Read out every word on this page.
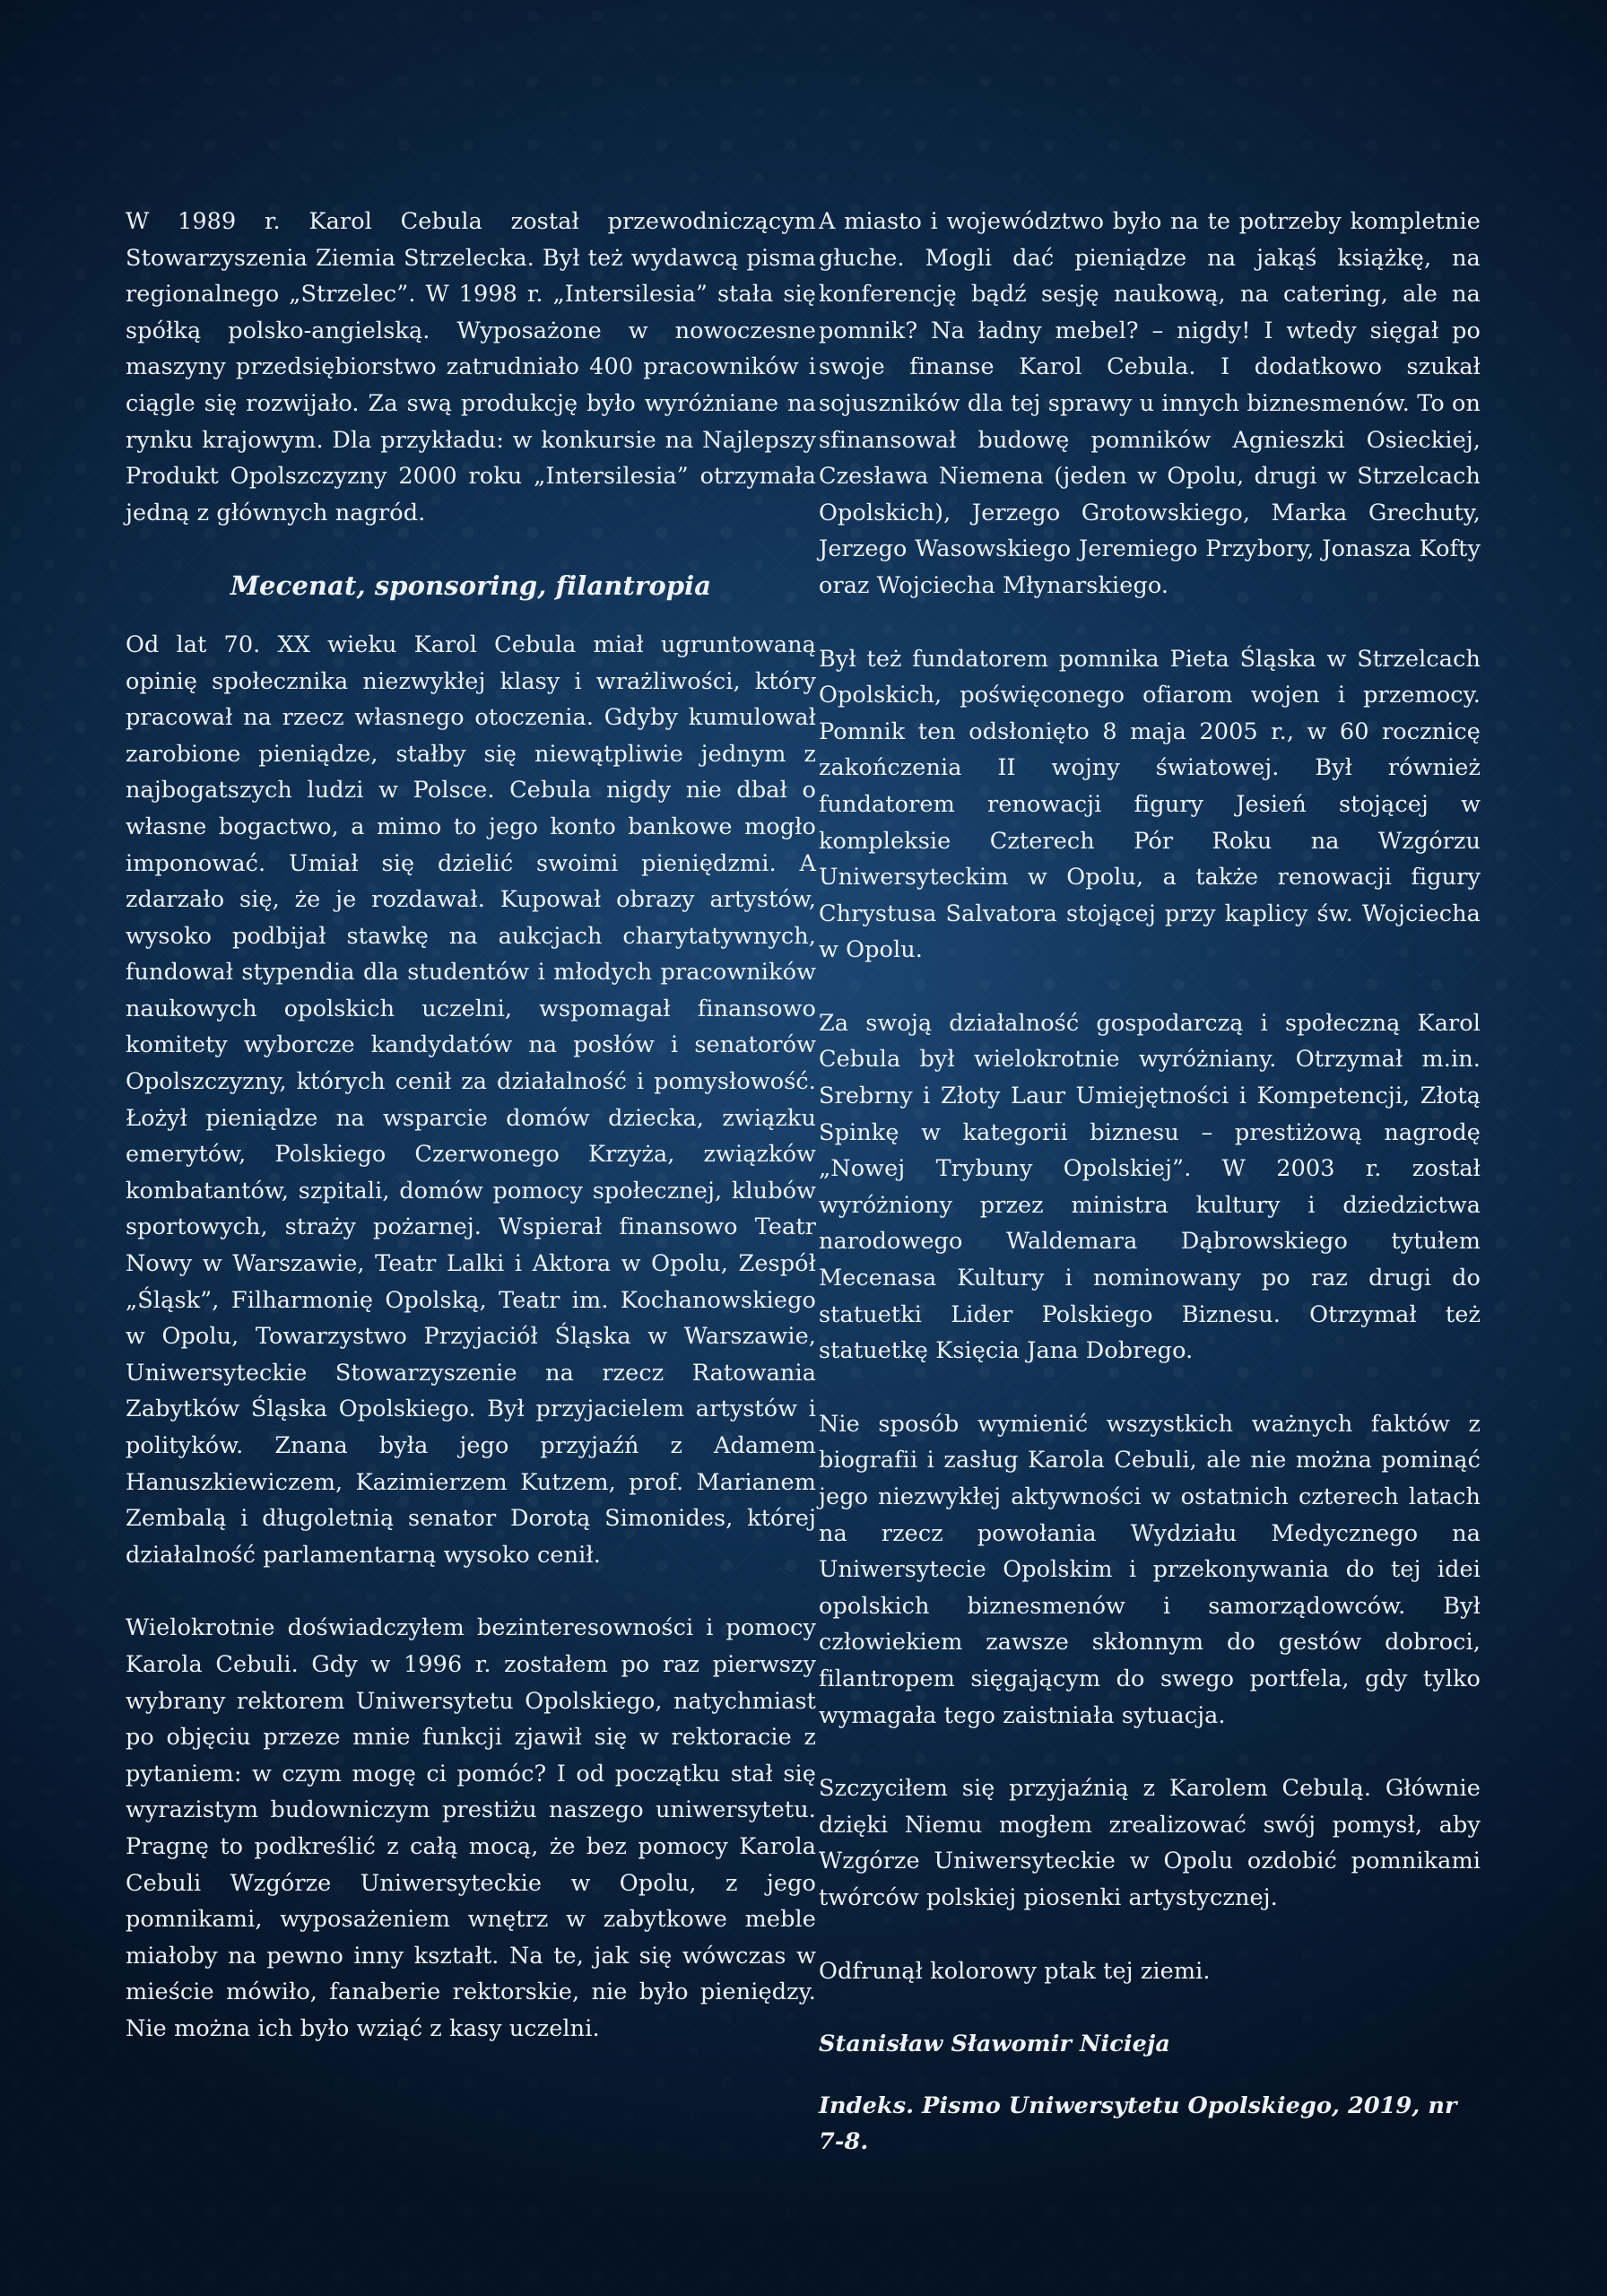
W 1989 r. Karol Cebula został przewodniczącym Stowarzyszenia Ziemia Strzelecka. Był też wydawcą pisma regionalnego „Strzelec”. W 1998 r. „Intersilesia” stała się spółką polsko-angielską. Wyposażone w nowoczesne maszyny przedsiębiorstwo zatrudniało 400 pracowników i ciągle się rozwijało. Za swą produkcję było wyróżniane na rynku krajowym. Dla przykładu: w konkursie na Najlepszy Produkt Opolszczyzny 2000 roku „Intersilesia” otrzymała jedną z głównych nagród.

Mecenat, sponsoring, filantropia

Od lat 70. XX wieku Karol Cebula miał ugruntowaną opinię społecznika niezwykłej klasy i wrażliwości, który pracował na rzecz własnego otoczenia. Gdyby kumulował zarobione pieniądze, stałby się niewątpliwie jednym z najbogatszych ludzi w Polsce. Cebula nigdy nie dbał o własne bogactwo, a mimo to jego konto bankowe mogło imponować. Umiał się dzielić swoimi pieniędzmi. A zdarzało się, że je rozdawał. Kupował obrazy artystów, wysoko podbijał stawkę na aukcjach charytatywnych, fundował stypendia dla studentów i młodych pracowników naukowych opolskich uczelni, wspomagał finansowo komitety wyborcze kandydatów na posłów i senatorów Opolszczyzny, których cenił za działalność i pomysłowość. Łożył pieniądze na wsparcie domów dziecka, związku emerytów, Polskiego Czerwonego Krzyża, związków kombatantów, szpitali, domów pomocy społecznej, klubów sportowych, straży pożarnej. Wspierał finansowo Teatr Nowy w Warszawie, Teatr Lalki i Aktora w Opolu, Zespół „Śląsk”, Filharmonię Opolską, Teatr im. Kochanowskiego w Opolu, Towarzystwo Przyjaciół Śląska w Warszawie, Uniwersyteckie Stowarzyszenie na rzecz Ratowania Zabytków Śląska Opolskiego. Był przyjacielem artystów i polityków. Znana była jego przyjaźń z Adamem Hanuszkiewiczem, Kazimierzem Kutzem, prof. Marianem Zembalą i długoletnią senator Dorotą Simonides, której działalność parlamentarną wysoko cenił.

Wielokrotnie doświadczyłem bezinteresowności i pomocy Karola Cebuli. Gdy w 1996 r. zostałem po raz pierwszy wybrany rektorem Uniwersytetu Opolskiego, natychmiast po objęciu przeze mnie funkcji zjawił się w rektoracie z pytaniem: w czym mogę ci pomóc? I od początku stał się wyrazistym budowniczym prestiżu naszego uniwersytetu. Pragnę to podkreślić z całą mocą, że bez pomocy Karola Cebuli Wzgórze Uniwersyteckie w Opolu, z jego pomnikami, wyposażeniem wnętrz w zabytkowe meble miałoby na pewno inny kształt. Na te, jak się wówczas w mieście mówiło, fanaberie rektorskie, nie było pieniędzy. Nie można ich było wziąć z kasy uczelni.

A miasto i województwo było na te potrzeby kompletnie głuche. Mogli dać pieniądze na jakąś książkę, na konferencję bądź sesję naukową, na catering, ale na pomnik? Na ładny mebel? – nigdy! I wtedy sięgał po swoje finanse Karol Cebula. I dodatkowo szukał sojuszników dla tej sprawy u innych biznesmenów. To on sfinansował budowę pomników Agnieszki Osieckiej, Czesława Niemena (jeden w Opolu, drugi w Strzelcach Opolskich), Jerzego Grotowskiego, Marka Grechuty, Jerzego Wasowskiego Jeremiego Przybory, Jonasza Kofty oraz Wojciecha Młynarskiego.

Był też fundatorem pomnika Pieta Śląska w Strzelcach Opolskich, poświęconego ofiarom wojen i przemocy. Pomnik ten odsłonięto 8 maja 2005 r., w 60 rocznicę zakończenia II wojny światowej. Był również fundatorem renowacji figury Jesień stojącej w kompleksie Czterech Pór Roku na Wzgórzu Uniwersyteckim w Opolu, a także renowacji figury Chrystusa Salvatora stojącej przy kaplicy św. Wojciecha w Opolu.

Za swoją działalność gospodarczą i społeczną Karol Cebula był wielokrotnie wyróżniany. Otrzymał m.in. Srebrny i Złoty Laur Umiejętności i Kompetencji, Złotą Spinkę w kategorii biznesu – prestiżową nagrodę „Nowej Trybuny Opolskiej”. W 2003 r. został wyróżniony przez ministra kultury i dziedzictwa narodowego Waldemara Dąbrowskiego tytułem Mecenasa Kultury i nominowany po raz drugi do statuetki Lider Polskiego Biznesu. Otrzymał też statuetkę Księcia Jana Dobrego.

Nie sposób wymienić wszystkich ważnych faktów z biografii i zasług Karola Cebuli, ale nie można pominąć jego niezwykłej aktywności w ostatnich czterech latach na rzecz powołania Wydziału Medycznego na Uniwersytecie Opolskim i przekonywania do tej idei opolskich biznesmenów i samorządowców. Był człowiekiem zawsze skłonnym do gestów dobroci, filantropem sięgającym do swego portfela, gdy tylko wymagała tego zaistniała sytuacja.

Szczyciłem się przyjaźnią z Karolem Cebulą. Głównie dzięki Niemu mogłem zrealizować swój pomysł, aby Wzgórze Uniwersyteckie w Opolu ozdobić pomnikami twórców polskiej piosenki artystycznej.

Odfrunął kolorowy ptak tej ziemi.

Stanisław Sławomir Nicieja

Indeks. Pismo Uniwersytetu Opolskiego, 2019, nr 7-8.
